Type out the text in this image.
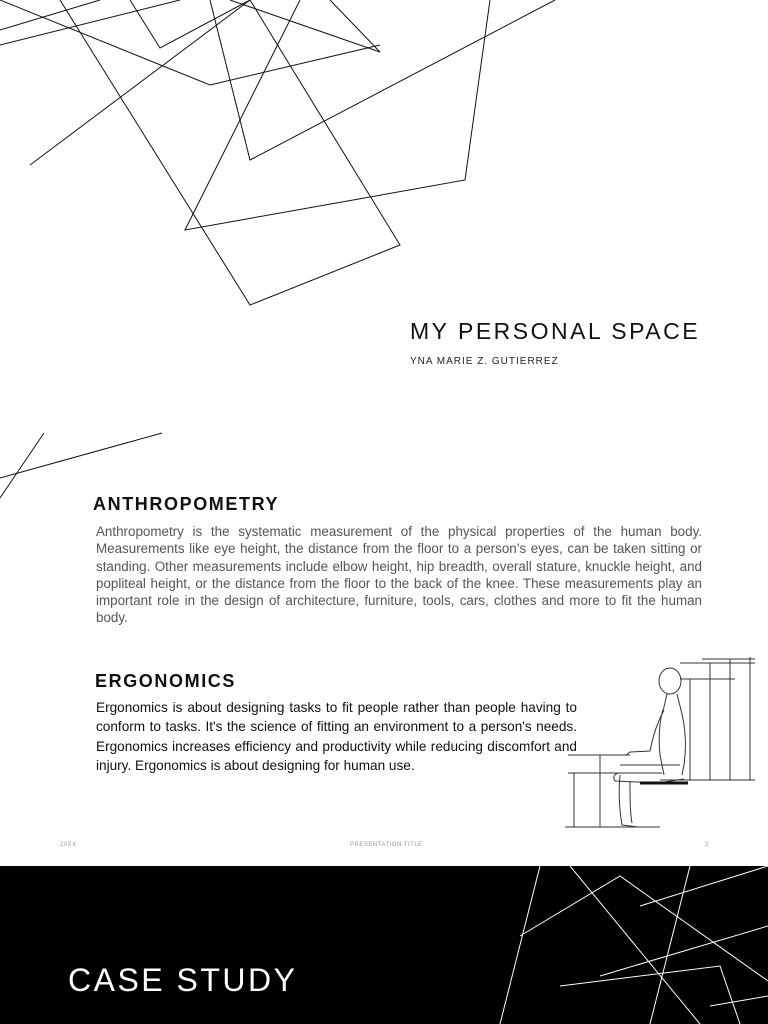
MY PERSONAL SPACE
YNA MARIE Z. GUTIERREZ
ANTHROPOMETRY

Anthropometry is the systematic measurement of the physical properties of the human body. Measurements like eye height, the distance from the floor to a person’s eyes, can be taken sitting or standing. Other measurements include elbow height, hip breadth, overall stature, knuckle height, and popliteal height, or the distance from the floor to the back of the knee. These measurements play an important role in the design of architecture, furniture, tools, cars, clothes and more to fit the human body.

ERGONOMICS

Ergonomics is about designing tasks to fit people rather than people having to conform to tasks. It's the science of fitting an environment to a person's needs. Ergonomics increases efficiency and productivity while reducing discomfort and injury. Ergonomics is about designing for human use.

20XX	PRESENTATION TITLE	2
CASE STUDY
